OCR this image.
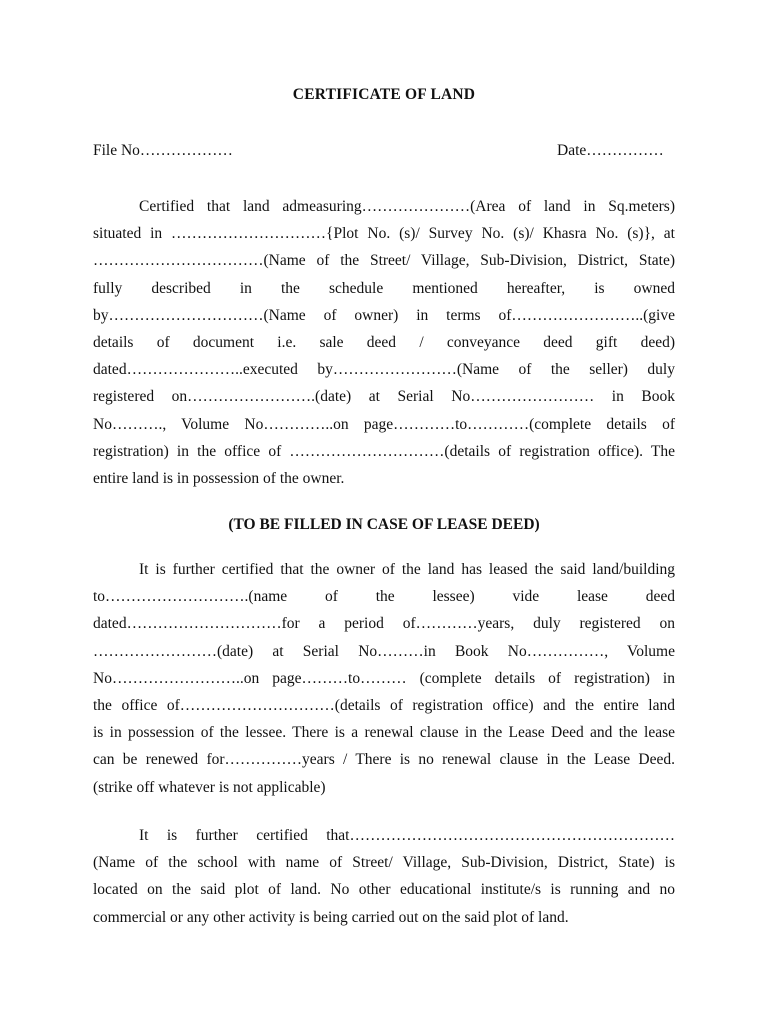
CERTIFICATE OF LAND
File No………………	Date……………
Certified that land admeasuring…………………(Area of land in Sq.meters)
situated in …………………………{Plot No. (s)/ Survey No. (s)/ Khasra No. (s)}, at
……………………………(Name of the Street/ Village, Sub-Division, District, State)
fully described in the schedule mentioned hereafter, is owned
by…………………………(Name of owner) in terms of……………………..(give
details of document i.e. sale deed / conveyance deed gift deed)
dated…………………..executed by……………………(Name of the seller) duly
registered on…………………….(date) at Serial No…………………… in Book
No………., Volume No…………..on page…………to…………(complete details of
registration) in the office of …………………………(details of registration office). The
entire land is in possession of the owner.
(TO BE FILLED IN CASE OF LEASE DEED)
It is further certified that the owner of the land has leased the said land/building
to……………………….(name of the lessee) vide lease deed
dated…………………………for a period of…………years, duly registered on
……………………(date) at Serial No………in Book No……………, Volume
No……………………..on page………to……… (complete details of registration) in
the office of…………………………(details of registration office) and the entire land
is in possession of the lessee. There is a renewal clause in the Lease Deed and the lease
can be renewed for……………years / There is no renewal clause in the Lease Deed.
(strike off whatever is not applicable)
It is further certified that………………………………………………………
(Name of the school with name of Street/ Village, Sub-Division, District, State) is
located on the said plot of land. No other educational institute/s is running and no
commercial or any other activity is being carried out on the said plot of land.
